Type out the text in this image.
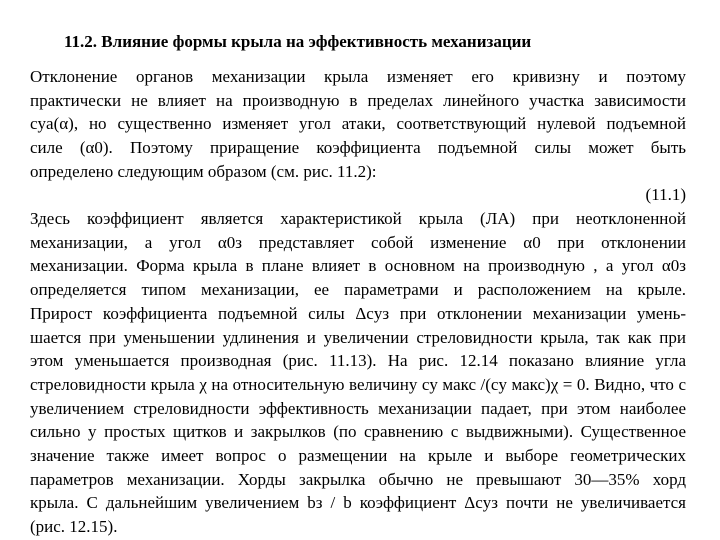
11.2. Влияние формы крыла на эффективность механизации
Отклонение органов механизации крыла изменяет его кривизну и поэтому
практически не влияет на производную в пределах линейного участка зависимости
cyа(α), но существенно изменяет угол атаки, соответствующий нулевой подъемной
силе (α0). Поэтому приращение коэффициента подъемной силы может быть
определено следующим образом (см. рис. 11.2):
(11.1)
Здесь коэффициент является характеристикой крыла (ЛА) при неотклоненной
механизации, а угол α0з представляет собой изменение α0 при отклонении
механизации. Форма крыла в плане влияет в основном на производную , а угол α0з
определяется типом механизации, ее параметрами и расположением на крыле.
Прирост коэффициента подъемной силы Δcуз при отклонении механизации умень-
шается при уменьшении удлинения и увеличении стреловидности крыла, так как при
этом уменьшается производная (рис. 11.13). На рис. 12.14 показано влияние угла
стреловидности крыла χ на относительную величину cу макс /(cу макс)χ = 0. Видно, что с
увеличением стреловидности эффективность механизации падает, при этом наиболее
сильно у простых щитков и закрылков (по сравнению с выдвижными). Существенное
значение также имеет вопрос о размещении на крыле и выборе геометрических
параметров механизации. Хорды закрылка обычно не превышают 30—35% хорд
крыла. С дальнейшим увеличением bз / b коэффициент Δcуз почти не увеличивается
(рис. 12.15).
